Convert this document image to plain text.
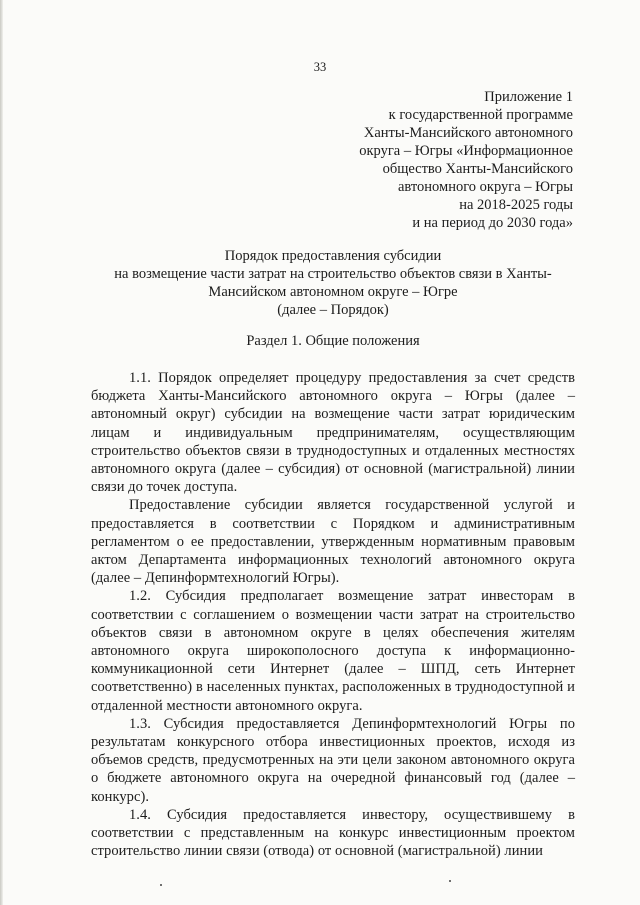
33
Приложение 1
к государственной программе
Ханты-Мансийского автономного
округа – Югры «Информационное
общество Ханты-Мансийского
автономного округа – Югры
на 2018-2025 годы
и на период до 2030 года»
Порядок предоставления субсидии
на возмещение части затрат на строительство объектов связи в Ханты-
Мансийском автономном округе – Югре
(далее – Порядок)
Раздел 1. Общие положения

1.1. Порядок определяет процедуру предоставления за счет средств бюджета Ханты-Мансийского автономного округа – Югры (далее – автономный округ) субсидии на возмещение части затрат юридическим лицам и индивидуальным предпринимателям, осуществляющим строительство объектов связи в труднодоступных и отдаленных местностях автономного округа (далее – субсидия) от основной (магистральной) линии связи до точек доступа.

Предоставление субсидии является государственной услугой и предоставляется в соответствии с Порядком и административным регламентом о ее предоставлении, утвержденным нормативным правовым актом Департамента информационных технологий автономного округа (далее – Депинформтехнологий Югры).

1.2. Субсидия предполагает возмещение затрат инвесторам в соответствии с соглашением о возмещении части затрат на строительство объектов связи в автономном округе в целях обеспечения жителям автономного округа широкополосного доступа к информационно-коммуникационной сети Интернет (далее – ШПД, сеть Интернет соответственно) в населенных пунктах, расположенных в труднодоступной и отдаленной местности автономного округа.

1.3. Субсидия предоставляется Депинформтехнологий Югры по результатам конкурсного отбора инвестиционных проектов, исходя из объемов средств, предусмотренных на эти цели законом автономного округа о бюджете автономного округа на очередной финансовый год (далее – конкурс).

1.4. Субсидия предоставляется инвестору, осуществившему в соответствии с представленным на конкурс инвестиционным проектом строительство линии связи (отвода) от основной (магистральной) линии
